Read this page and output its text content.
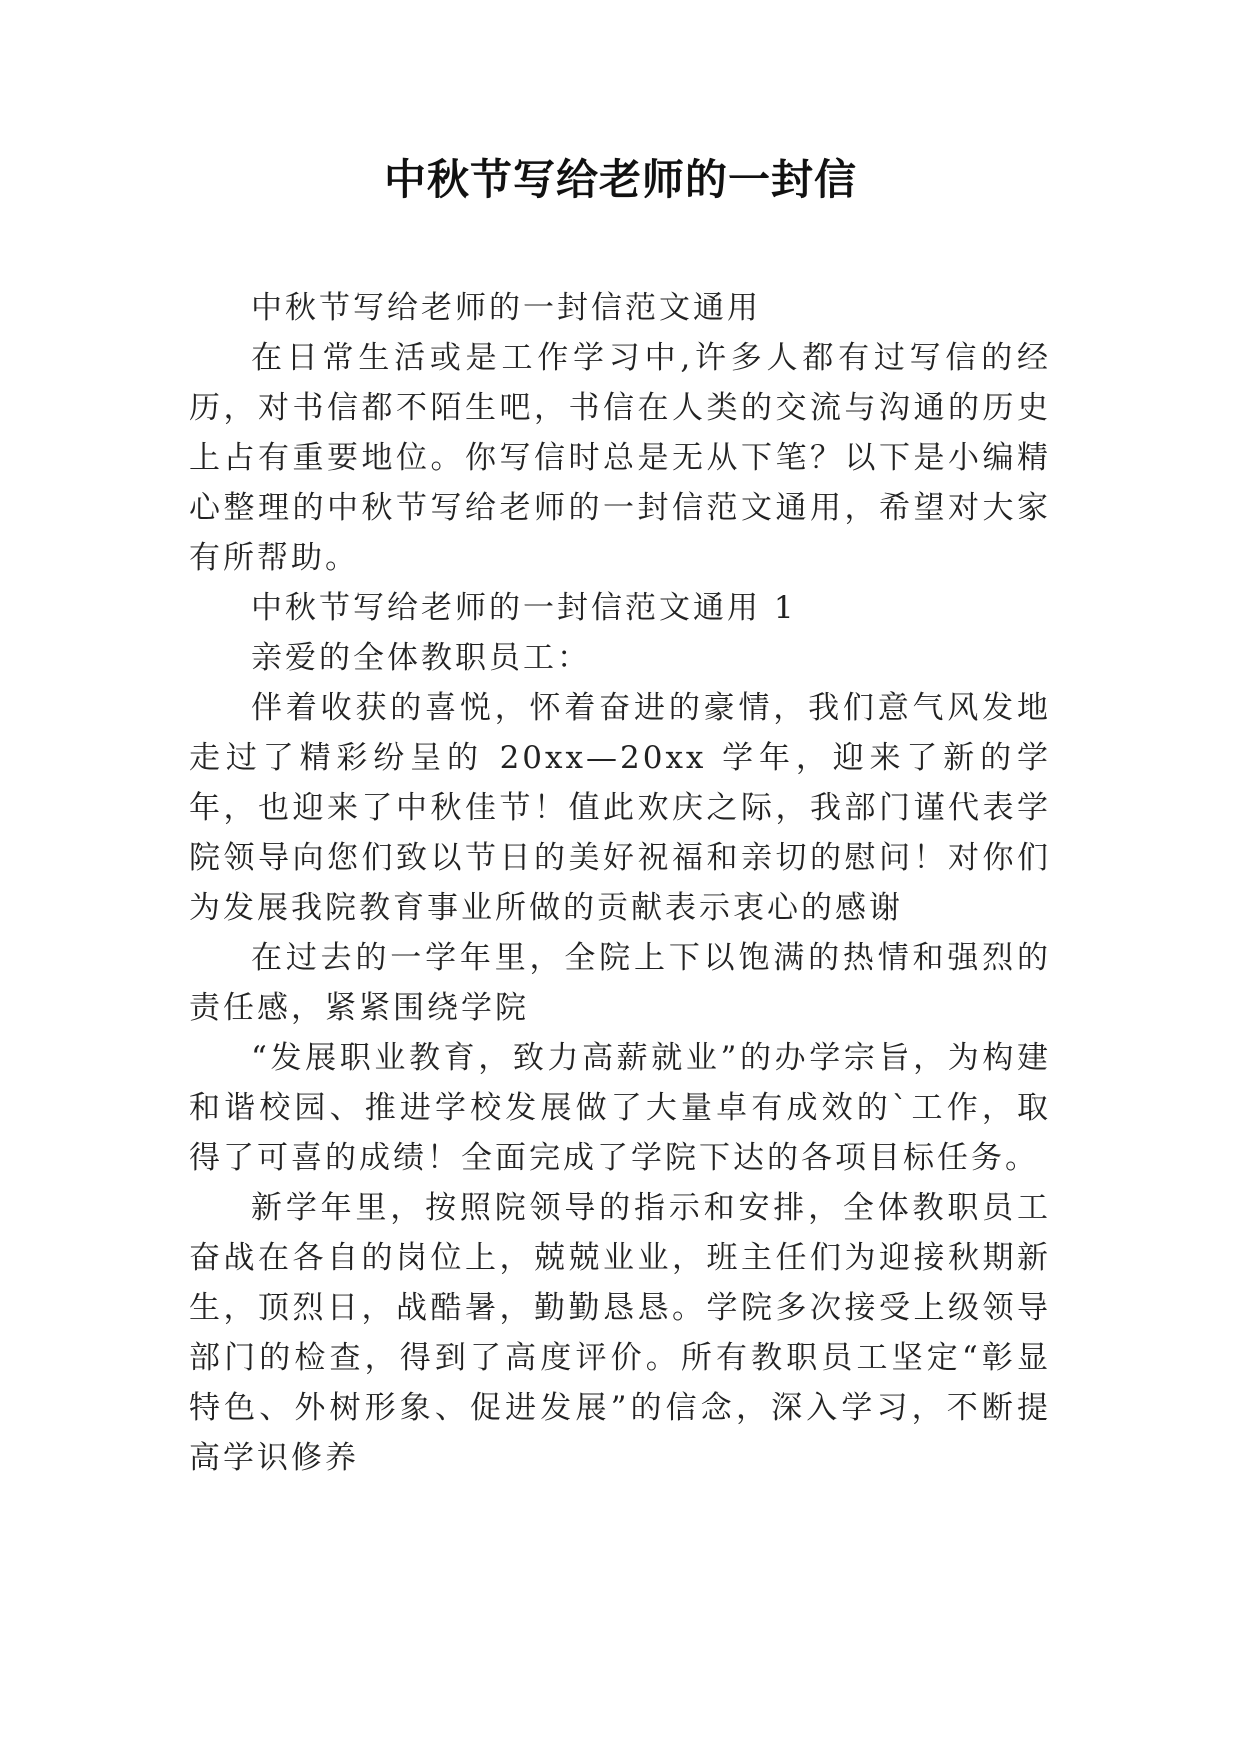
中秋节写给老师的一封信

中秋节写给老师的一封信范文通用

在日常生活或是工作学习中,许多人都有过写信的经历，对书信都不陌生吧，书信在人类的交流与沟通的历史上占有重要地位。你写信时总是无从下笔？以下是小编精心整理的中秋节写给老师的一封信范文通用，希望对大家有所帮助。

中秋节写给老师的一封信范文通用 1

亲爱的全体教职员工：

伴着收获的喜悦，怀着奋进的豪情，我们意气风发地走过了精彩纷呈的 20xx—20xx 学年，迎来了新的学年，也迎来了中秋佳节！值此欢庆之际，我部门谨代表学院领导向您们致以节日的美好祝福和亲切的慰问！对你们为发展我院教育事业所做的贡献表示衷心的感谢

在过去的一学年里，全院上下以饱满的热情和强烈的责任感，紧紧围绕学院

“发展职业教育，致力高薪就业”的办学宗旨，为构建和谐校园、推进学校发展做了大量卓有成效的`工作，取得了可喜的成绩！全面完成了学院下达的各项目标任务。

新学年里，按照院领导的指示和安排，全体教职员工奋战在各自的岗位上，兢兢业业，班主任们为迎接秋期新生，顶烈日，战酷暑，勤勤恳恳。学院多次接受上级领导部门的检查，得到了高度评价。所有教职员工坚定“彰显特色、外树形象、促进发展”的信念，深入学习，不断提高学识修养
